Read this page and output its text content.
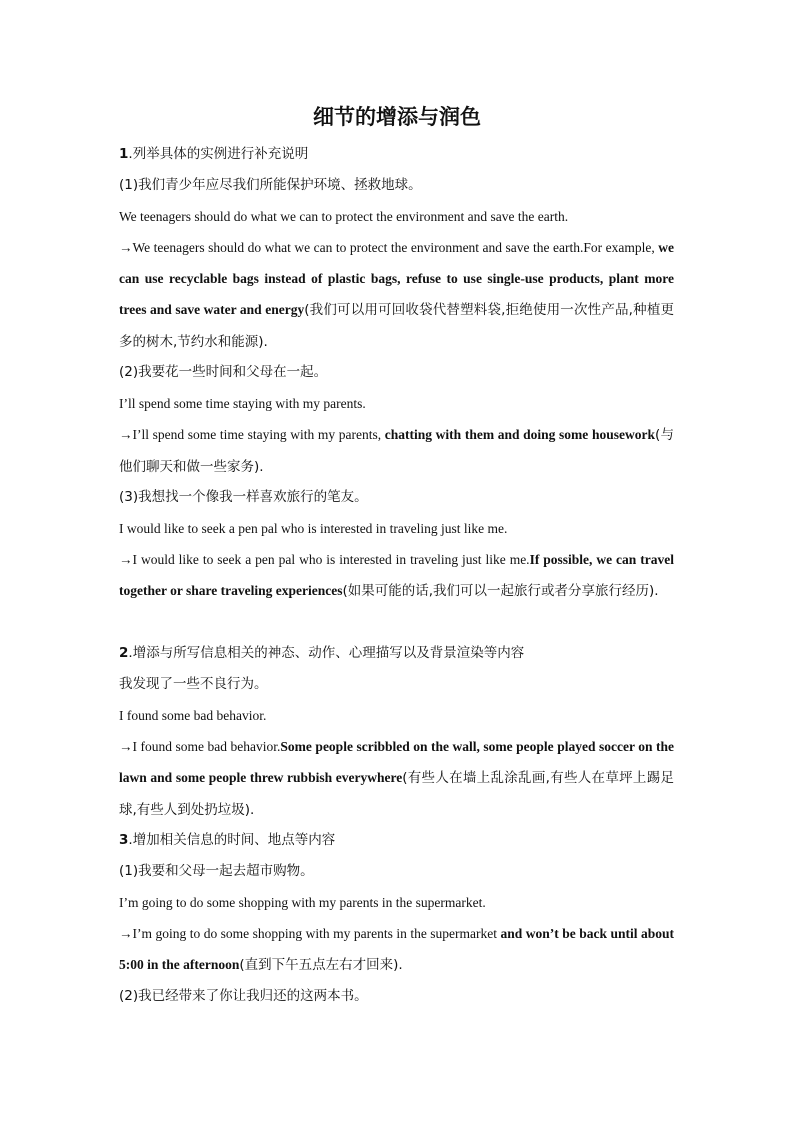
细节的增添与润色
1.列举具体的实例进行补充说明
(1)我们青少年应尽我们所能保护环境、拯救地球。
We teenagers should do what we can to protect the environment and save the earth.
→We teenagers should do what we can to protect the environment and save the earth.For example, we can use recyclable bags instead of plastic bags, refuse to use single-use products, plant more trees and save water and energy(我们可以用可回收袋代替塑料袋,拒绝使用一次性产品,种植更多的树木,节约水和能源).
(2)我要花一些时间和父母在一起。
I’ll spend some time staying with my parents.
→I’ll spend some time staying with my parents, chatting with them and doing some housework(与他们聊天和做一些家务).
(3)我想找一个像我一样喜欢旅行的笔友。
I would like to seek a pen pal who is interested in traveling just like me.
→I would like to seek a pen pal who is interested in traveling just like me.If possible, we can travel together or share traveling experiences(如果可能的话,我们可以一起旅行或者分享旅行经历).
2.增添与所写信息相关的神态、动作、心理描写以及背景渲染等内容
我发现了一些不良行为。
I found some bad behavior.
→I found some bad behavior.Some people scribbled on the wall, some people played soccer on the lawn and some people threw rubbish everywhere(有些人在墙上乱涂乱画,有些人在草坪上踢足球,有些人到处扔垃圾).
3.增加相关信息的时间、地点等内容
(1)我要和父母一起去超市购物。
I’m going to do some shopping with my parents in the supermarket.
→I’m going to do some shopping with my parents in the supermarket and won’t be back until about 5:00 in the afternoon(直到下午五点左右才回来).
(2)我已经带来了你让我归还的这两本书。
